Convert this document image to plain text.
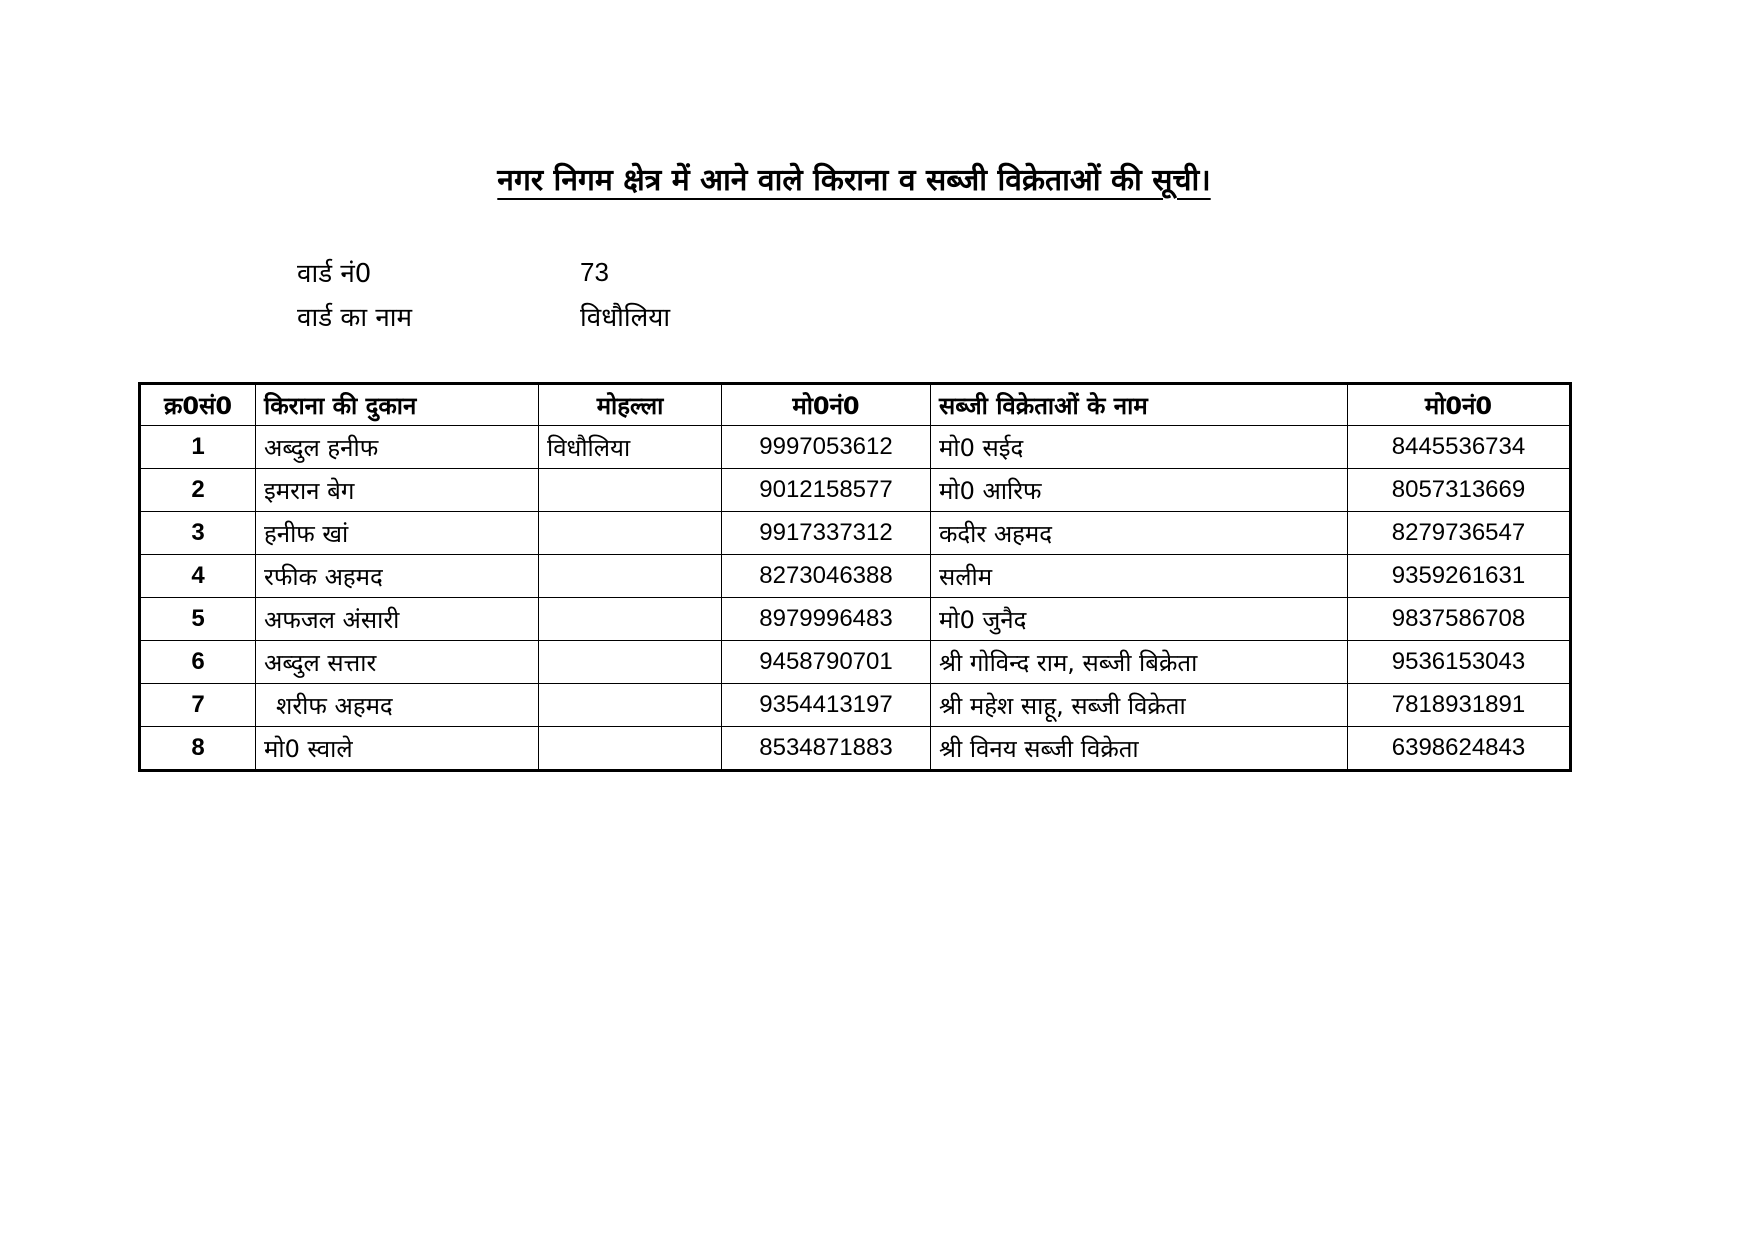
नगर निगम क्षेत्र में आने वाले किराना व सब्जी विक्रेताओं की सूची।
वार्ड नं0	73
वार्ड का नाम	विधौलिया
क्र0सं0	किराना की दुकान	मोहल्ला	मो0नं0	सब्जी विक्रेताओं के नाम	मो0नं0
1	अब्दुल हनीफ	विधौलिया	9997053612	मो0 सईद	8445536734
2	इमरान बेग		9012158577	मो0 आरिफ	8057313669
3	हनीफ खां		9917337312	कदीर अहमद	8279736547
4	रफीक अहमद		8273046388	सलीम	9359261631
5	अफजल अंसारी		8979996483	मो0 जुनैद	9837586708
6	अब्दुल सत्तार		9458790701	श्री गोविन्द राम, सब्जी बिक्रेता	9536153043
7	शरीफ अहमद		9354413197	श्री महेश साहू, सब्जी विक्रेता	7818931891
8	मो0 स्वाले		8534871883	श्री विनय सब्जी विक्रेता	6398624843
